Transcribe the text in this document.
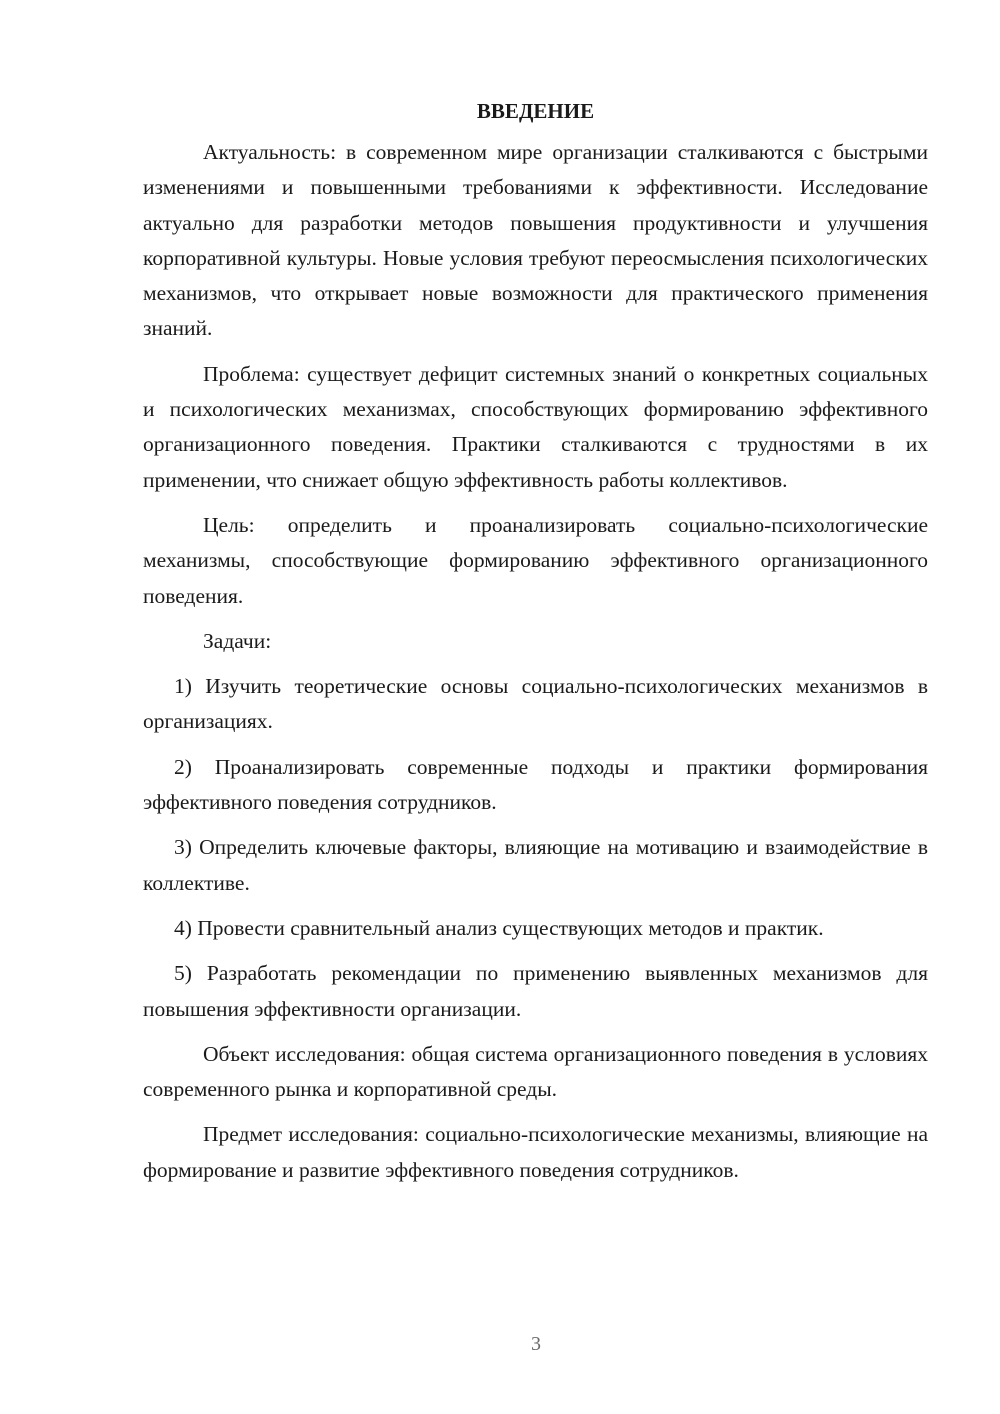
ВВЕДЕНИЕ

Актуальность: в современном мире организации сталкиваются с быстрыми изменениями и повышенными требованиями к эффективности. Исследование актуально для разработки методов повышения продуктивности и улучшения корпоративной культуры. Новые условия требуют переосмысления психологических механизмов, что открывает новые возможности для практического применения знаний.

Проблема: существует дефицит системных знаний о конкретных социальных и психологических механизмах, способствующих формированию эффективного организационного поведения. Практики сталкиваются с трудностями в их применении, что снижает общую эффективность работы коллективов.

Цель: определить и проанализировать социально-психологические механизмы, способствующие формированию эффективного организационного поведения.

Задачи:

1) Изучить теоретические основы социально-психологических механизмов в организациях.

2) Проанализировать современные подходы и практики формирования эффективного поведения сотрудников.

3) Определить ключевые факторы, влияющие на мотивацию и взаимодействие в коллективе.

4) Провести сравнительный анализ существующих методов и практик.

5) Разработать рекомендации по применению выявленных механизмов для повышения эффективности организации.

Объект исследования: общая система организационного поведения в условиях современного рынка и корпоративной среды.

Предмет исследования: социально-психологические механизмы, влияющие на формирование и развитие эффективного поведения сотрудников.

3
